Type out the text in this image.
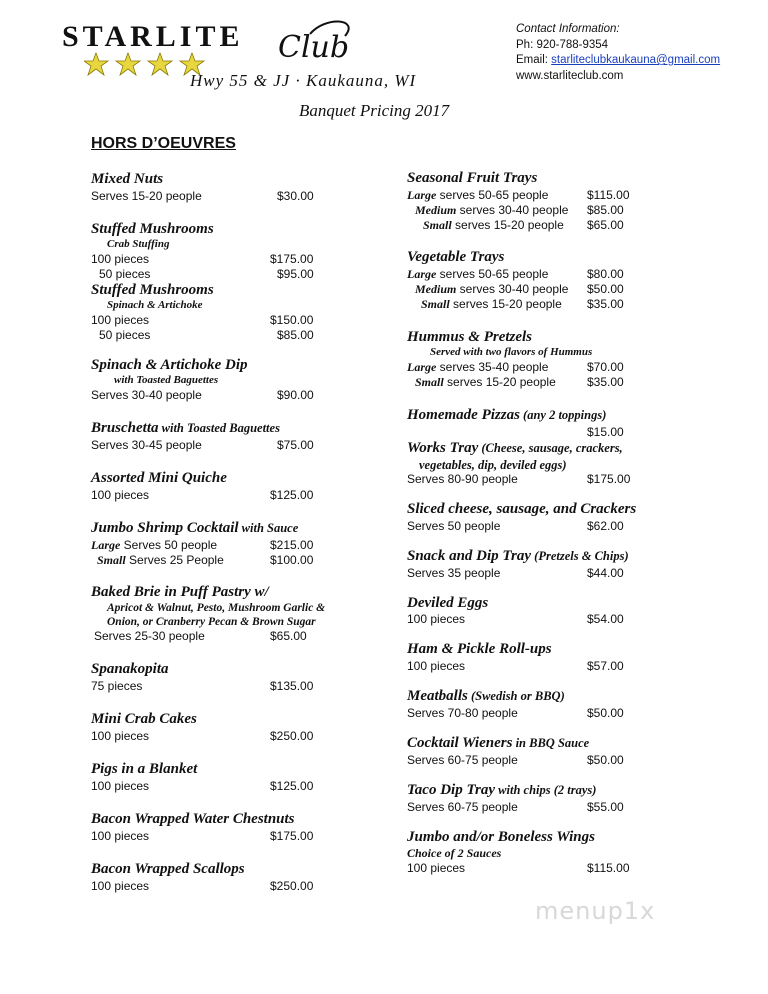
STARLITE Club
Hwy 55 & JJ · Kaukauna, WI
Contact Information:
Ph: 920-788-9354
Email: starliteclubkaukauna@gmail.com
www.starliteclub.com
Banquet Pricing 2017
HORS D’OEUVRES
Mixed Nuts
Serves 15-20 people	$30.00
Stuffed Mushrooms
Crab Stuffing
100 pieces	$175.00
50 pieces	$95.00
Stuffed Mushrooms
Spinach & Artichoke
100 pieces	$150.00
50 pieces	$85.00
Spinach & Artichoke Dip
with Toasted Baguettes
Serves 30-40 people	$90.00
Bruschetta with Toasted Baguettes
Serves 30-45 people	$75.00
Assorted Mini Quiche
100 pieces	$125.00
Jumbo Shrimp Cocktail with Sauce
Large Serves 50 people	$215.00
Small Serves 25 People	$100.00
Baked Brie in Puff Pastry w/
Apricot & Walnut, Pesto, Mushroom Garlic &
Onion, or Cranberry Pecan & Brown Sugar
Serves 25-30 people	$65.00
Spanakopita
75 pieces	$135.00
Mini Crab Cakes
100 pieces	$250.00
Pigs in a Blanket
100 pieces	$125.00
Bacon Wrapped Water Chestnuts
100 pieces	$175.00
Bacon Wrapped Scallops
100 pieces	$250.00
Seasonal Fruit Trays
Large serves 50-65 people	$115.00
Medium serves 30-40 people $85.00
Small serves 15-20 people $65.00
Vegetable Trays
Large serves 50-65 people	$80.00
Medium serves 30-40 people $50.00
Small serves 15-20 people $35.00
Hummus & Pretzels
Served with two flavors of Hummus
Large serves 35-40 people	$70.00
Small serves 15-20 people	$35.00
Homemade Pizzas (any 2 toppings)
$15.00
Works Tray (Cheese, sausage, crackers,
vegetables, dip, deviled eggs)
Serves 80-90 people	$175.00
Sliced cheese, sausage, and Crackers
Serves 50 people	$62.00
Snack and Dip Tray (Pretzels & Chips)
Serves 35 people	$44.00
Deviled Eggs
100 pieces	$54.00
Ham & Pickle Roll-ups
100 pieces	$57.00
Meatballs (Swedish or BBQ)
Serves 70-80 people	$50.00
Cocktail Wieners in BBQ Sauce
Serves 60-75 people	$50.00
Taco Dip Tray with chips (2 trays)
Serves 60-75 people	$55.00
Jumbo and/or Boneless Wings
Choice of 2 Sauces
100 pieces	$115.00
menup1x
